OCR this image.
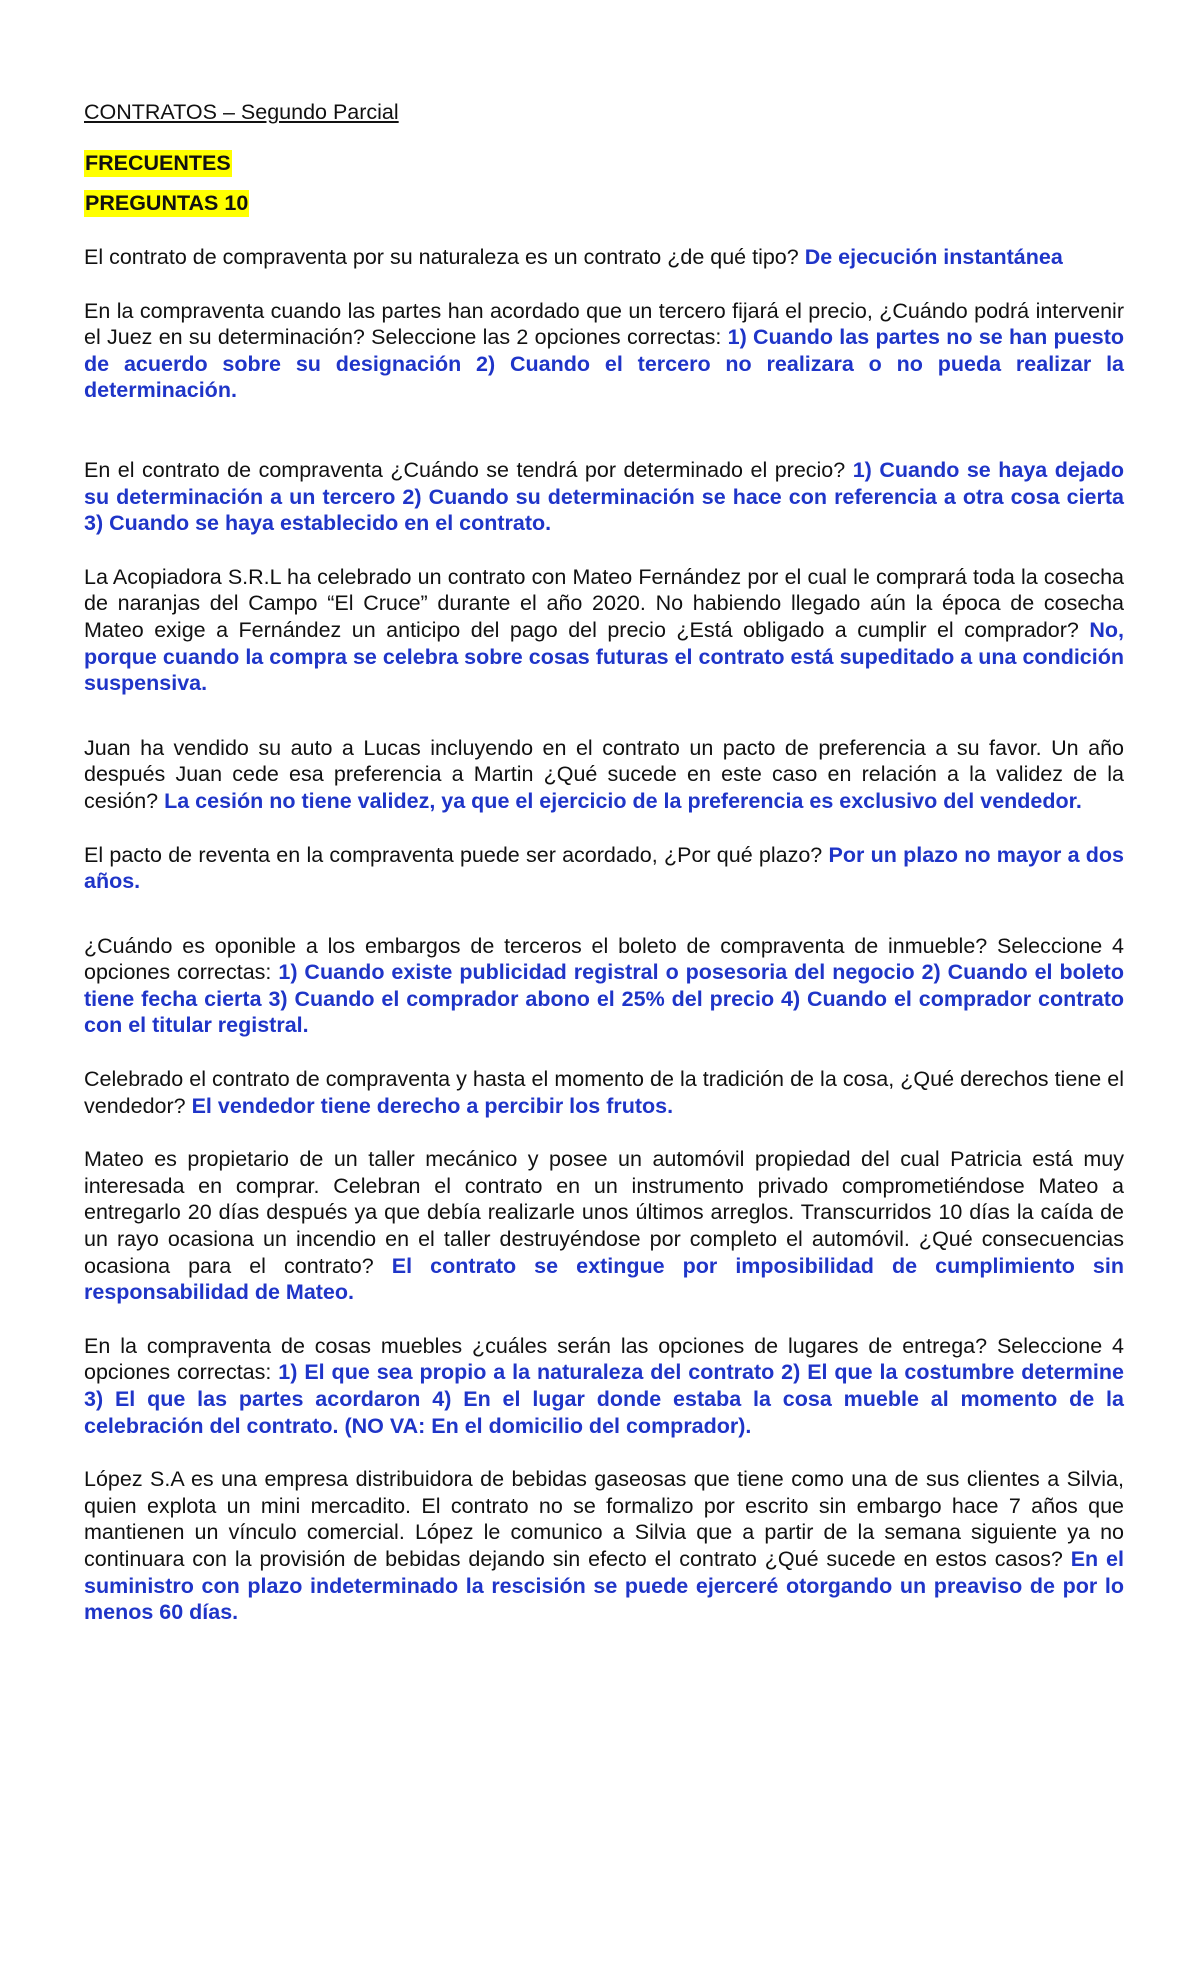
CONTRATOS – Segundo Parcial
FRECUENTES
PREGUNTAS 10

El contrato de compraventa por su naturaleza es un contrato ¿de qué tipo? De ejecución instantánea

En la compraventa cuando las partes han acordado que un tercero fijará el precio, ¿Cuándo podrá intervenir el Juez en su determinación? Seleccione las 2 opciones correctas: 1) Cuando las partes no se han puesto de acuerdo sobre su designación 2) Cuando el tercero no realizara o no pueda realizar la determinación.

En el contrato de compraventa ¿Cuándo se tendrá por determinado el precio? 1) Cuando se haya dejado su determinación a un tercero 2) Cuando su determinación se hace con referencia a otra cosa cierta 3) Cuando se haya establecido en el contrato.

La Acopiadora S.R.L ha celebrado un contrato con Mateo Fernández por el cual le comprará toda la cosecha de naranjas del Campo “El Cruce” durante el año 2020. No habiendo llegado aún la época de cosecha Mateo exige a Fernández un anticipo del pago del precio ¿Está obligado a cumplir el comprador? No, porque cuando la compra se celebra sobre cosas futuras el contrato está supeditado a una condición suspensiva.

Juan ha vendido su auto a Lucas incluyendo en el contrato un pacto de preferencia a su favor. Un año después Juan cede esa preferencia a Martin ¿Qué sucede en este caso en relación a la validez de la cesión? La cesión no tiene validez, ya que el ejercicio de la preferencia es exclusivo del vendedor.

El pacto de reventa en la compraventa puede ser acordado, ¿Por qué plazo? Por un plazo no mayor a dos años.

¿Cuándo es oponible a los embargos de terceros el boleto de compraventa de inmueble? Seleccione 4 opciones correctas: 1) Cuando existe publicidad registral o posesoria del negocio 2) Cuando el boleto tiene fecha cierta 3) Cuando el comprador abono el 25% del precio 4) Cuando el comprador contrato con el titular registral.

Celebrado el contrato de compraventa y hasta el momento de la tradición de la cosa, ¿Qué derechos tiene el vendedor? El vendedor tiene derecho a percibir los frutos.

Mateo es propietario de un taller mecánico y posee un automóvil propiedad del cual Patricia está muy interesada en comprar. Celebran el contrato en un instrumento privado comprometiéndose Mateo a entregarlo 20 días después ya que debía realizarle unos últimos arreglos. Transcurridos 10 días la caída de un rayo ocasiona un incendio en el taller destruyéndose por completo el automóvil. ¿Qué consecuencias ocasiona para el contrato? El contrato se extingue por imposibilidad de cumplimiento sin responsabilidad de Mateo.

En la compraventa de cosas muebles ¿cuáles serán las opciones de lugares de entrega? Seleccione 4 opciones correctas: 1) El que sea propio a la naturaleza del contrato 2) El que la costumbre determine 3) El que las partes acordaron 4) En el lugar donde estaba la cosa mueble al momento de la celebración del contrato. (NO VA: En el domicilio del comprador).

López S.A es una empresa distribuidora de bebidas gaseosas que tiene como una de sus clientes a Silvia, quien explota un mini mercadito. El contrato no se formalizo por escrito sin embargo hace 7 años que mantienen un vínculo comercial. López le comunico a Silvia que a partir de la semana siguiente ya no continuara con la provisión de bebidas dejando sin efecto el contrato ¿Qué sucede en estos casos? En el suministro con plazo indeterminado la rescisión se puede ejerceré otorgando un preaviso de por lo menos 60 días.
